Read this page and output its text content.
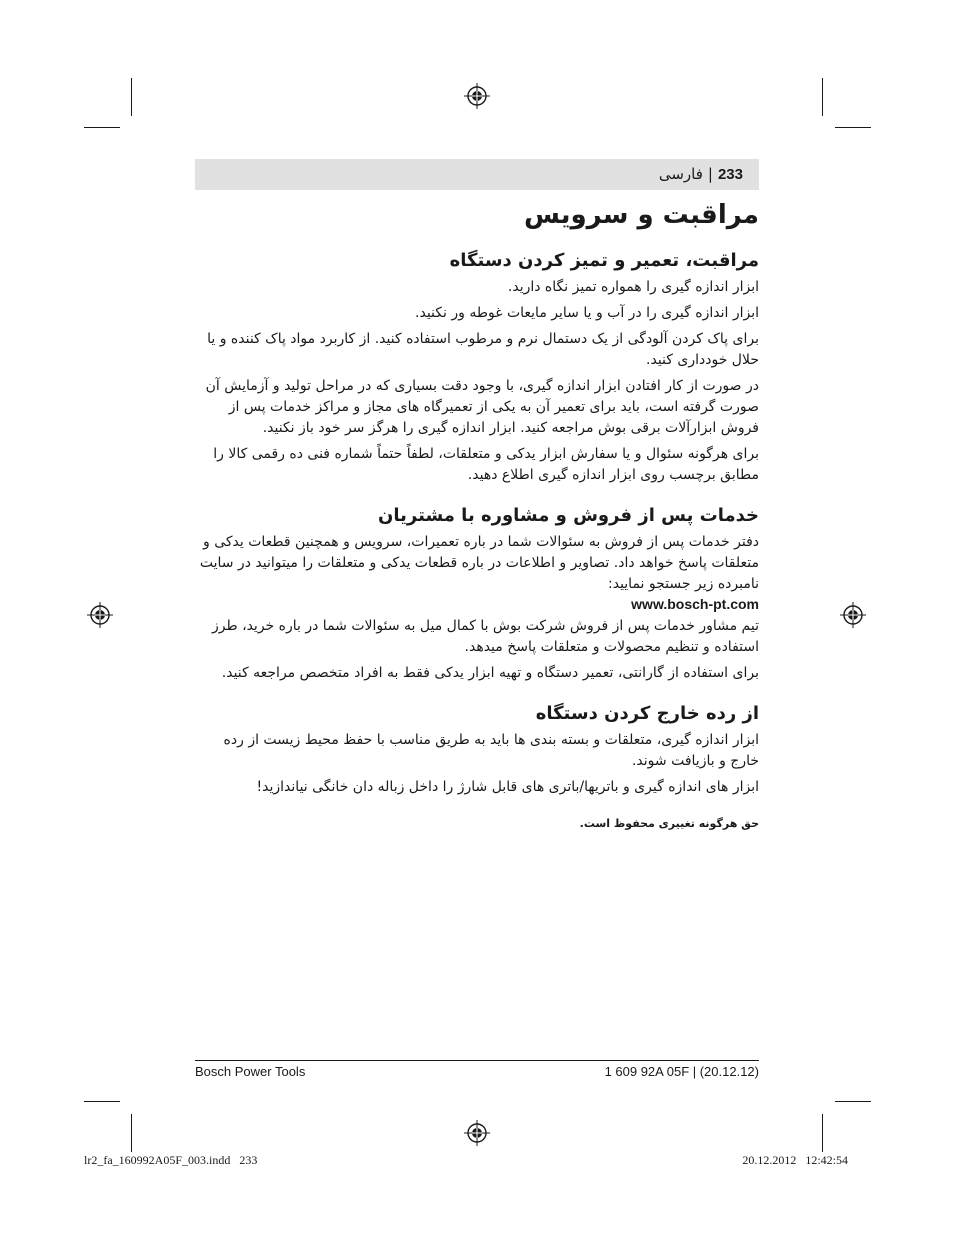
233|فارسی
مراقبت و سرویس
مراقبت، تعمیر و تمیز کردن دستگاه

ابزار اندازه گیری را همواره تمیز نگاه دارید.

ابزار اندازه گیری را در آب و یا سایر مایعات غوطه ور نکنید.

برای پاک کردن آلودگی از یک دستمال نرم و مرطوب استفاده کنید. از کاربرد مواد پاک کننده و یا حلال خودداری کنید.

در صورت از کار افتادن ابزار اندازه گیری، با وجود دقت بسیاری که در مراحل تولید و آزمایش آن صورت گرفته است، باید برای تعمیر آن به یکی از تعمیرگاه های مجاز و مراکز خدمات پس از فروش ابزارآلات برقی بوش مراجعه کنید. ابزار اندازه گیری را هرگز سر خود باز نکنید.

برای هرگونه سئوال و یا سفارش ابزار یدکی و متعلقات، لطفاً حتماً شماره فنی ده رقمی کالا را مطابق برچسب روی ابزار اندازه گیری اطلاع دهید.

خدمات پس از فروش و مشاوره با مشتریان

دفتر خدمات پس از فروش به سئوالات شما در باره تعمیرات، سرویس و همچنین قطعات یدکی و متعلقات پاسخ خواهد داد. تصاویر و اطلاعات در باره قطعات یدکی و متعلقات را میتوانید در سایت نامبرده زیر جستجو نمایید:

www.bosch-pt.com

تیم مشاور خدمات پس از فروش شرکت بوش با کمال میل به سئوالات شما در باره خرید، طرز استفاده و تنظیم محصولات و متعلقات پاسخ میدهد.

برای استفاده از گارانتی، تعمیر دستگاه و تهیه ابزار یدکی فقط به افراد متخصص مراجعه کنید.

از رده خارج کردن دستگاه

ابزار اندازه گیری، متعلقات و بسته بندی ها باید به طریق مناسب با حفظ محیط زیست از رده خارج و بازیافت شوند.

ابزار های اندازه گیری و باتریها/باتری های قابل شارژ را داخل زباله دان خانگی نیاندازید!

حق هرگونه تغییری محفوظ است.
Bosch Power Tools	1 609 92A 05F | (20.12.12)
lr2_fa_160992A05F_003.indd   233	20.12.2012   12:42:54
